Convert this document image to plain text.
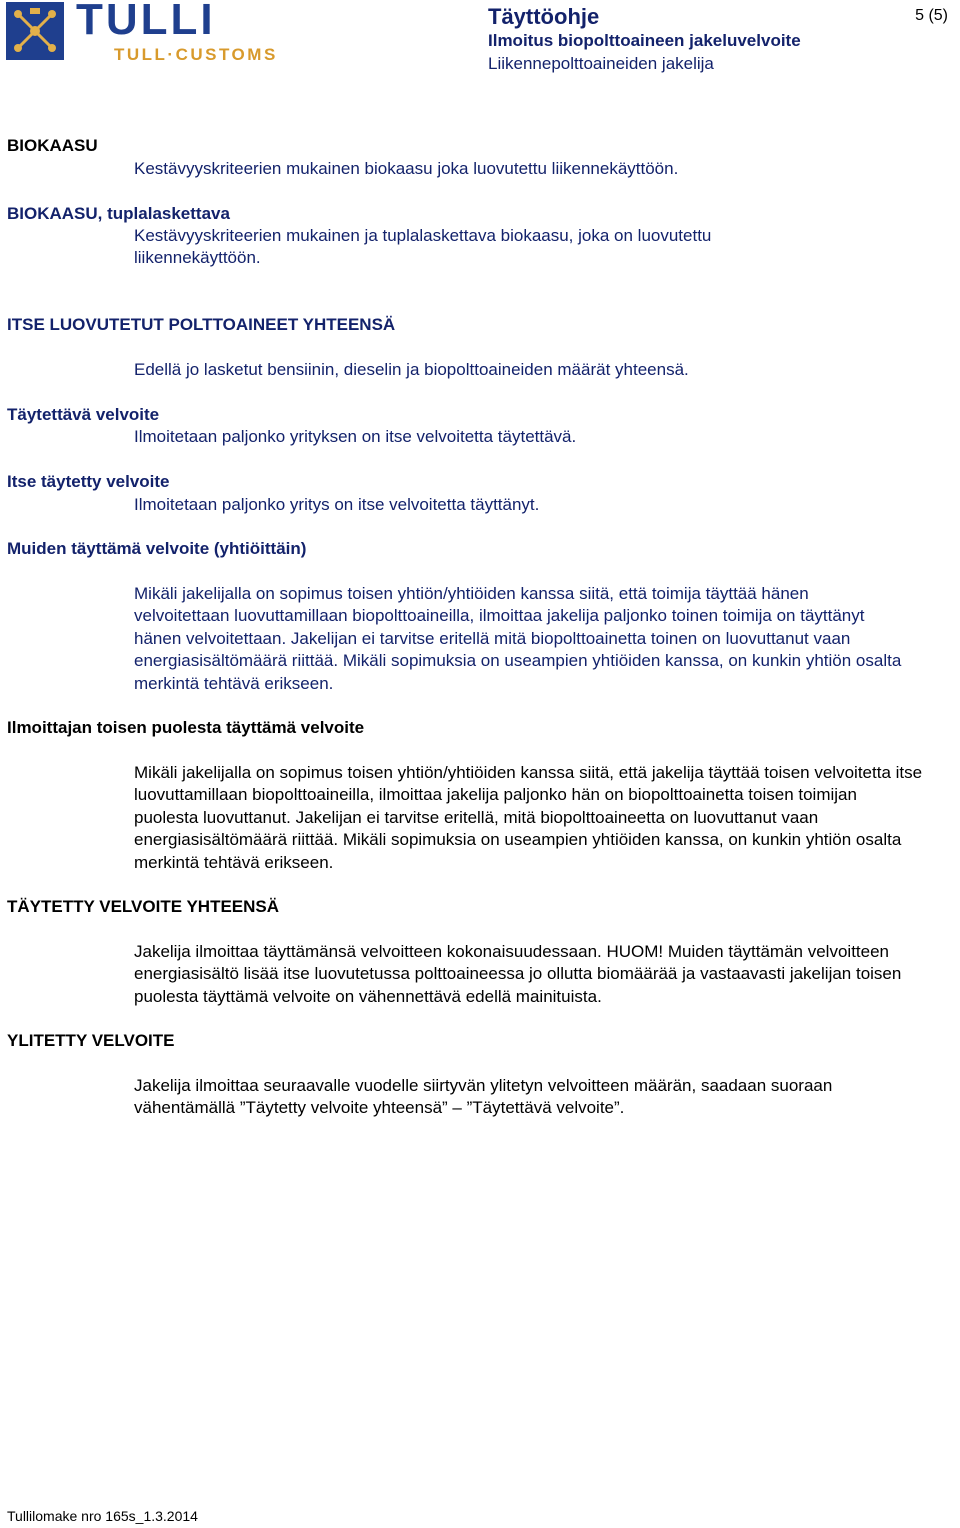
TULLI
TULL·CUSTOMS
Täyttöohje
Ilmoitus biopolttoaineen jakeluvelvoite
Liikennepolttoaineiden jakelija
5 (5)
BIOKAASU
Kestävyyskriteerien mukainen biokaasu joka luovutettu liikennekäyttöön.
BIOKAASU, tuplalaskettava
Kestävyyskriteerien mukainen ja tuplalaskettava biokaasu, joka on luovutettu liikennekäyttöön.
ITSE LUOVUTETUT POLTTOAINEET YHTEENSÄ
Edellä jo lasketut bensiinin, dieselin ja biopolttoaineiden määrät yhteensä.
Täytettävä velvoite
Ilmoitetaan paljonko yrityksen on itse velvoitetta täytettävä.
Itse täytetty velvoite
Ilmoitetaan paljonko yritys on itse velvoitetta täyttänyt.
Muiden täyttämä velvoite (yhtiöittäin)
Mikäli jakelijalla on sopimus toisen yhtiön/yhtiöiden kanssa siitä, että toimija täyttää hänen velvoitettaan luovuttamillaan biopolttoaineilla, ilmoittaa jakelija paljonko toinen toimija on täyttänyt hänen velvoitettaan. Jakelijan ei tarvitse eritellä mitä biopolttoainetta toinen on luovuttanut vaan energiasisältömäärä riittää. Mikäli sopimuksia on useampien yhtiöiden kanssa, on kunkin yhtiön osalta merkintä tehtävä erikseen.
Ilmoittajan toisen puolesta täyttämä velvoite
Mikäli jakelijalla on sopimus toisen yhtiön/yhtiöiden kanssa siitä, että jakelija täyttää toisen velvoitetta itse luovuttamillaan biopolttoaineilla, ilmoittaa jakelija paljonko hän on biopolttoainetta toisen toimijan puolesta luovuttanut. Jakelijan ei tarvitse eritellä, mitä biopolttoaineetta on luovuttanut vaan energiasisältömäärä riittää. Mikäli sopimuksia on useampien yhtiöiden kanssa, on kunkin yhtiön osalta merkintä tehtävä erikseen.
TÄYTETTY VELVOITE YHTEENSÄ
Jakelija ilmoittaa täyttämänsä velvoitteen kokonaisuudessaan. HUOM! Muiden täyttämän velvoitteen energiasisältö lisää itse luovutetussa polttoaineessa jo ollutta biomäärää ja vastaavasti jakelijan toisen puolesta täyttämä velvoite on vähennettävä edellä mainituista.
YLITETTY VELVOITE
Jakelija ilmoittaa seuraavalle vuodelle siirtyvän ylitetyn velvoitteen määrän, saadaan suoraan vähentämällä ”Täytetty velvoite yhteensä” – ”Täytettävä velvoite”.
Tullilomake nro 165s_1.3.2014
